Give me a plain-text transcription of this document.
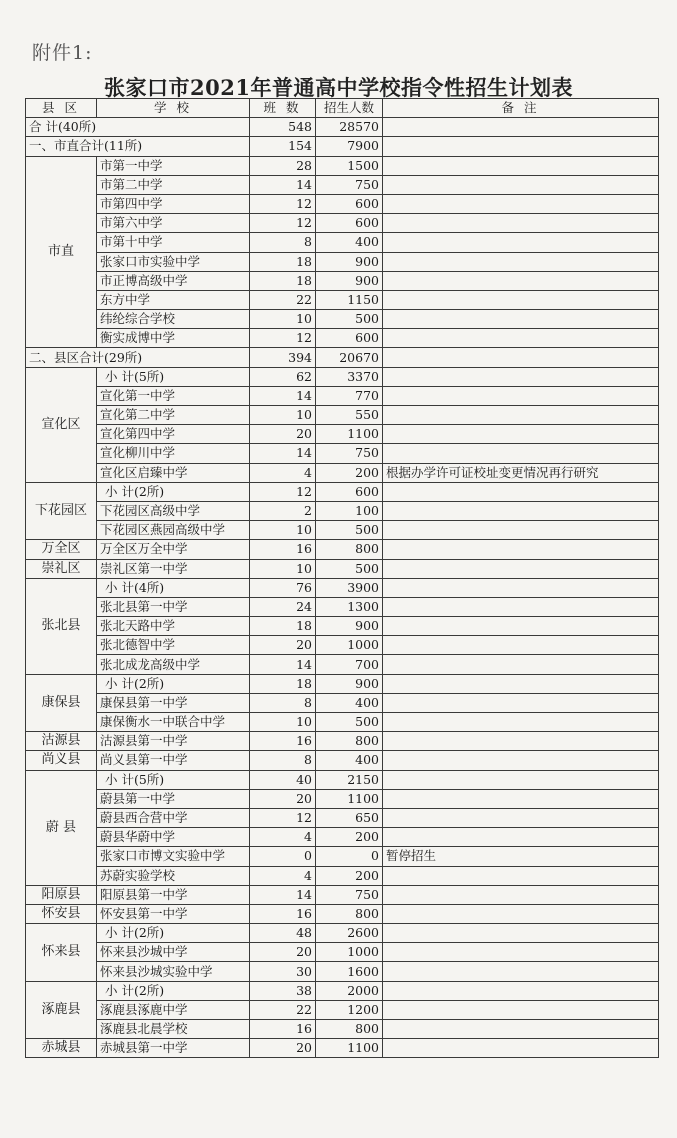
附件1:
张家口市2021年普通高中学校指令性招生计划表
县 区	学 校	班 数	招生人数	备 注
合 计(40所)		548	28570	
一、市直合计(11所)		154	7900	
市直	市第一中学	28	1500	
	市第二中学	14	750	
	市第四中学	12	600	
	市第六中学	12	600	
	市第十中学	8	400	
	张家口市实验中学	18	900	
	市正博高级中学	18	900	
	东方中学	22	1150	
	纬纶综合学校	10	500	
	衡实成博中学	12	600	
二、县区合计(29所)		394	20670	
宣化区	小 计(5所)	62	3370	
	宣化第一中学	14	770	
	宣化第二中学	10	550	
	宣化第四中学	20	1100	
	宣化柳川中学	14	750	
	宣化区启臻中学	4	200	根据办学许可证校址变更情况再行研究
下花园区	小 计(2所)	12	600	
	下花园区高级中学	2	100	
	下花园区燕园高级中学	10	500	
万全区	万全区万全中学	16	800	
崇礼区	崇礼区第一中学	10	500	
张北县	小 计(4所)	76	3900	
	张北县第一中学	24	1300	
	张北天路中学	18	900	
	张北德智中学	20	1000	
	张北成龙高级中学	14	700	
康保县	小 计(2所)	18	900	
	康保县第一中学	8	400	
	康保衡水一中联合中学	10	500	
沽源县	沽源县第一中学	16	800	
尚义县	尚义县第一中学	8	400	
蔚 县	小 计(5所)	40	2150	
	蔚县第一中学	20	1100	
	蔚县西合营中学	12	650	
	蔚县华蔚中学	4	200	
	张家口市博文实验中学	0	0	暂停招生
	苏蔚实验学校	4	200	
阳原县	阳原县第一中学	14	750	
怀安县	怀安县第一中学	16	800	
怀来县	小 计(2所)	48	2600	
	怀来县沙城中学	20	1000	
	怀来县沙城实验中学	30	1600	
涿鹿县	小 计(2所)	38	2000	
	涿鹿县涿鹿中学	22	1200	
	涿鹿县北晨学校	16	800	
赤城县	赤城县第一中学	20	1100	
